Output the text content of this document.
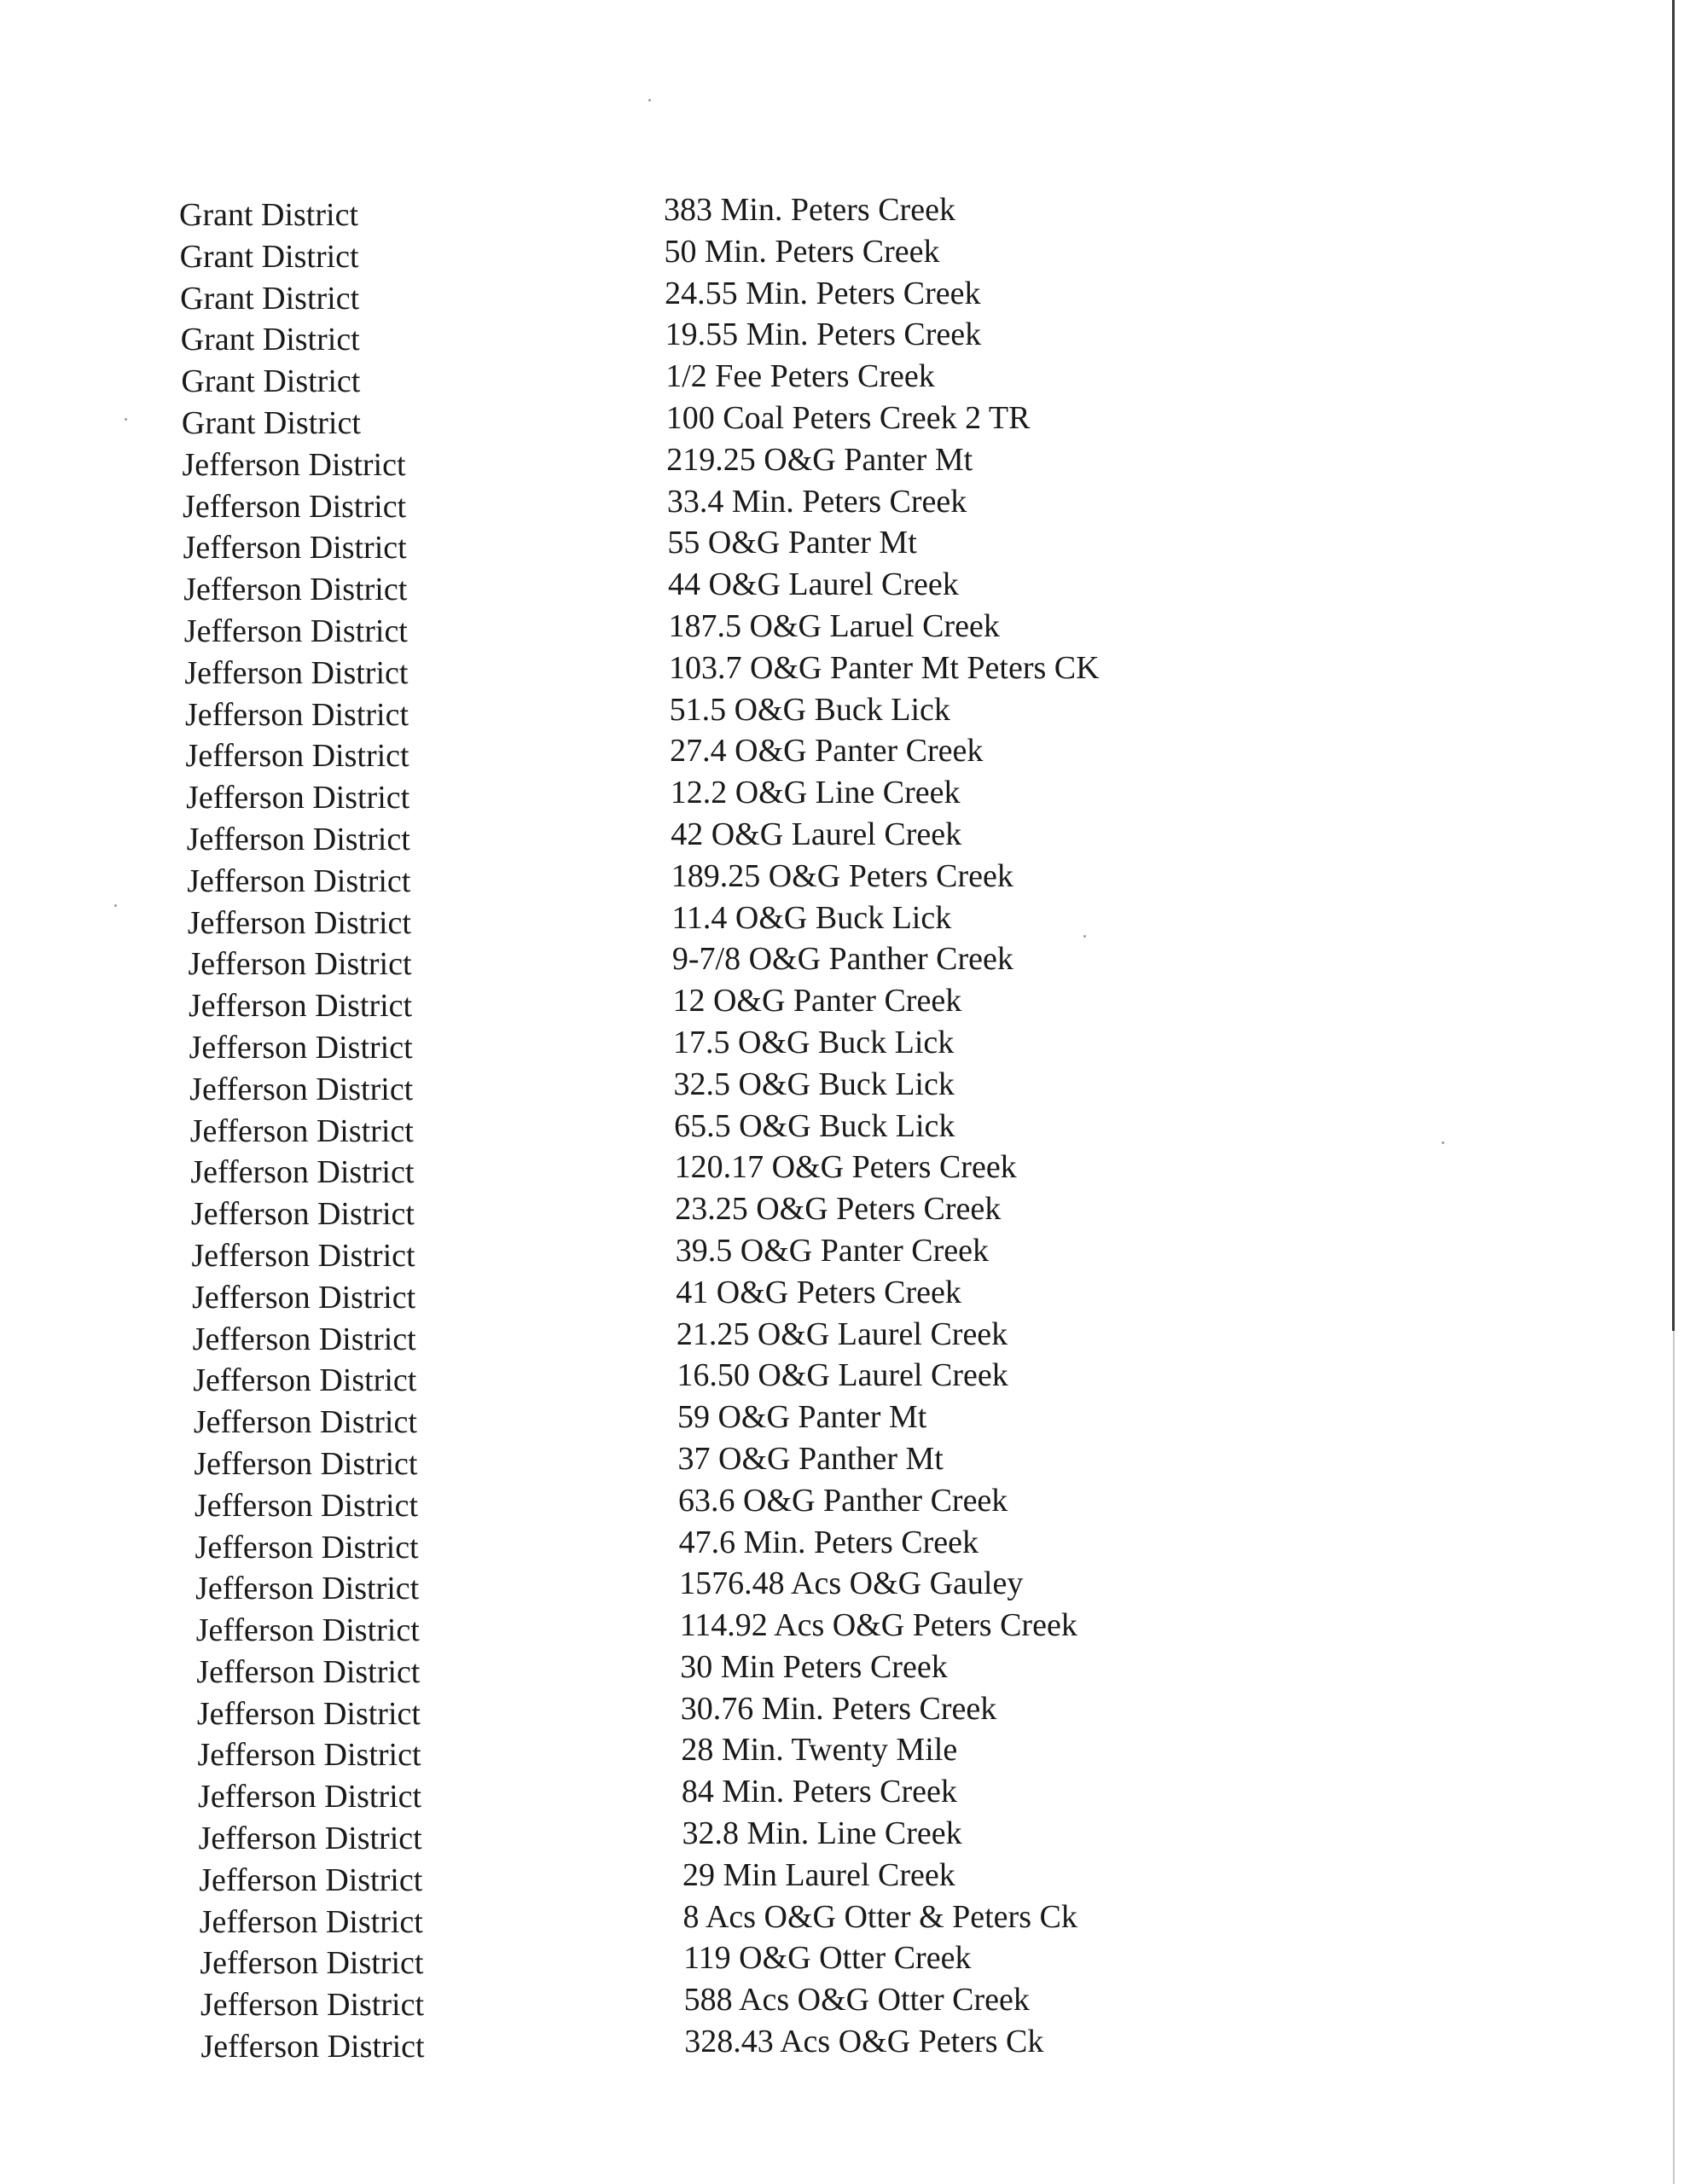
Grant District	383 Min. Peters Creek
Grant District	50 Min. Peters Creek
Grant District	24.55 Min. Peters Creek
Grant District	19.55 Min. Peters Creek
Grant District	1/2 Fee Peters Creek
Grant District	100 Coal Peters Creek 2 TR
Jefferson District	219.25 O&G Panter Mt
Jefferson District	33.4 Min. Peters Creek
Jefferson District	55 O&G Panter Mt
Jefferson District	44 O&G Laurel Creek
Jefferson District	187.5 O&G Laruel Creek
Jefferson District	103.7 O&G Panter Mt Peters CK
Jefferson District	51.5 O&G Buck Lick
Jefferson District	27.4 O&G Panter Creek
Jefferson District	12.2 O&G Line Creek
Jefferson District	42 O&G Laurel Creek
Jefferson District	189.25 O&G Peters Creek
Jefferson District	11.4 O&G Buck Lick
Jefferson District	9-7/8 O&G Panther Creek
Jefferson District	12 O&G Panter Creek
Jefferson District	17.5 O&G Buck Lick
Jefferson District	32.5 O&G Buck Lick
Jefferson District	65.5 O&G Buck Lick
Jefferson District	120.17 O&G Peters Creek
Jefferson District	23.25 O&G Peters Creek
Jefferson District	39.5 O&G Panter Creek
Jefferson District	41 O&G Peters Creek
Jefferson District	21.25 O&G Laurel Creek
Jefferson District	16.50 O&G Laurel Creek
Jefferson District	59 O&G Panter Mt
Jefferson District	37 O&G Panther Mt
Jefferson District	63.6 O&G Panther Creek
Jefferson District	47.6 Min. Peters Creek
Jefferson District	1576.48 Acs O&G Gauley
Jefferson District	114.92 Acs O&G Peters Creek
Jefferson District	30 Min Peters Creek
Jefferson District	30.76 Min. Peters Creek
Jefferson District	28 Min. Twenty Mile
Jefferson District	84 Min. Peters Creek
Jefferson District	32.8 Min. Line Creek
Jefferson District	29 Min Laurel Creek
Jefferson District	8 Acs O&G Otter & Peters Ck
Jefferson District	119 O&G Otter Creek
Jefferson District	588 Acs O&G Otter Creek
Jefferson District	328.43 Acs O&G Peters Ck
